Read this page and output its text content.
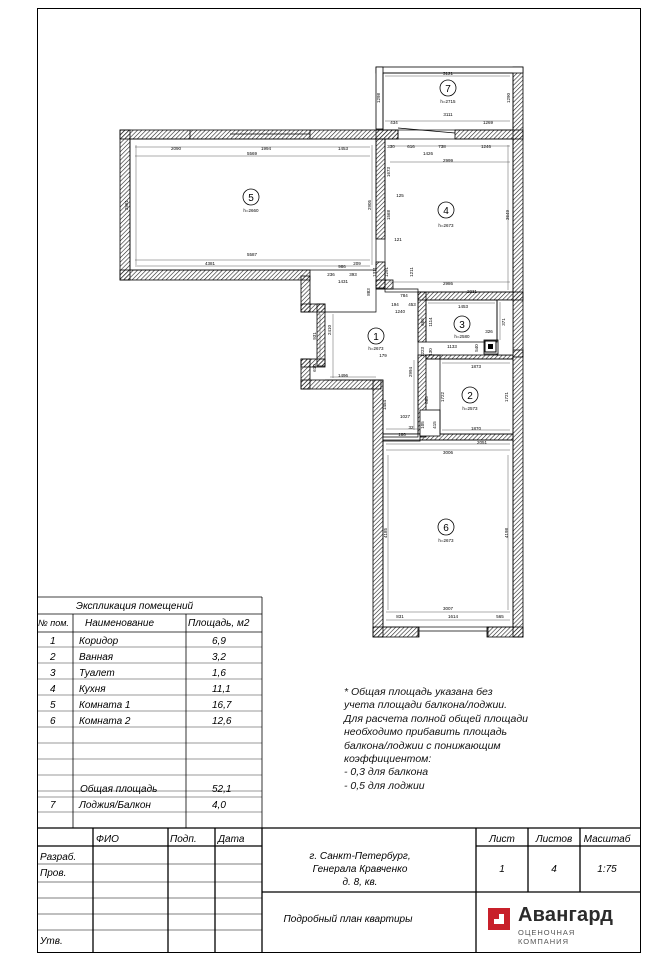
1
2
3
4
5
6
7
h=2673
h=2573
h=2580
h=2673
h=2660
h=2673
h=2715
3121
3111
1298	1290
434	1269
2090	1994	1453
5569
330	616	738	1246
1426
2999
2981
5587
4381
2905
1673
125
1568
121
3649
209
986
236	393
1431
1311
2986
784
2031
883
194 453
1240
1453
1114
686	371
326
1133	540
931
2410
179
1496
1873
610	2994
1223
1722	1721
885
1454
1027
32	1870
186
2051
3006
4185	4198
831
3007
1614	565
130
105 415
1211
1291
Экспликация помещений
№ пом. Наименование	Площадь, м2
1 Коридор	6,9
2 Ванная	3,2
3 Туалет	1,6
4 Кухня	11,1
5 Комната 1	16,7
6 Комната 2	12,6
Общая площадь	52,1
7 Лоджия/Балкон	4,0
ФИО	Подп. Дата
Разраб.
Пров.
Утв.
г. Санкт-Петербург,
Генерала Кравченко
д. 8, кв.
Лист Листов Масштаб
1	4	1:75
Подробный план квартиры
* Общая площадь указана без
учета площади балкона/лоджии.
Для расчета полной общей площади
необходимо прибавить площадь
балкона/лоджии с понижающим
коэффициентом:
- 0,3 для балкона
- 0,5 для лоджии
Авангард
ОЦЕНОЧНАЯ КОМПАНИЯ
